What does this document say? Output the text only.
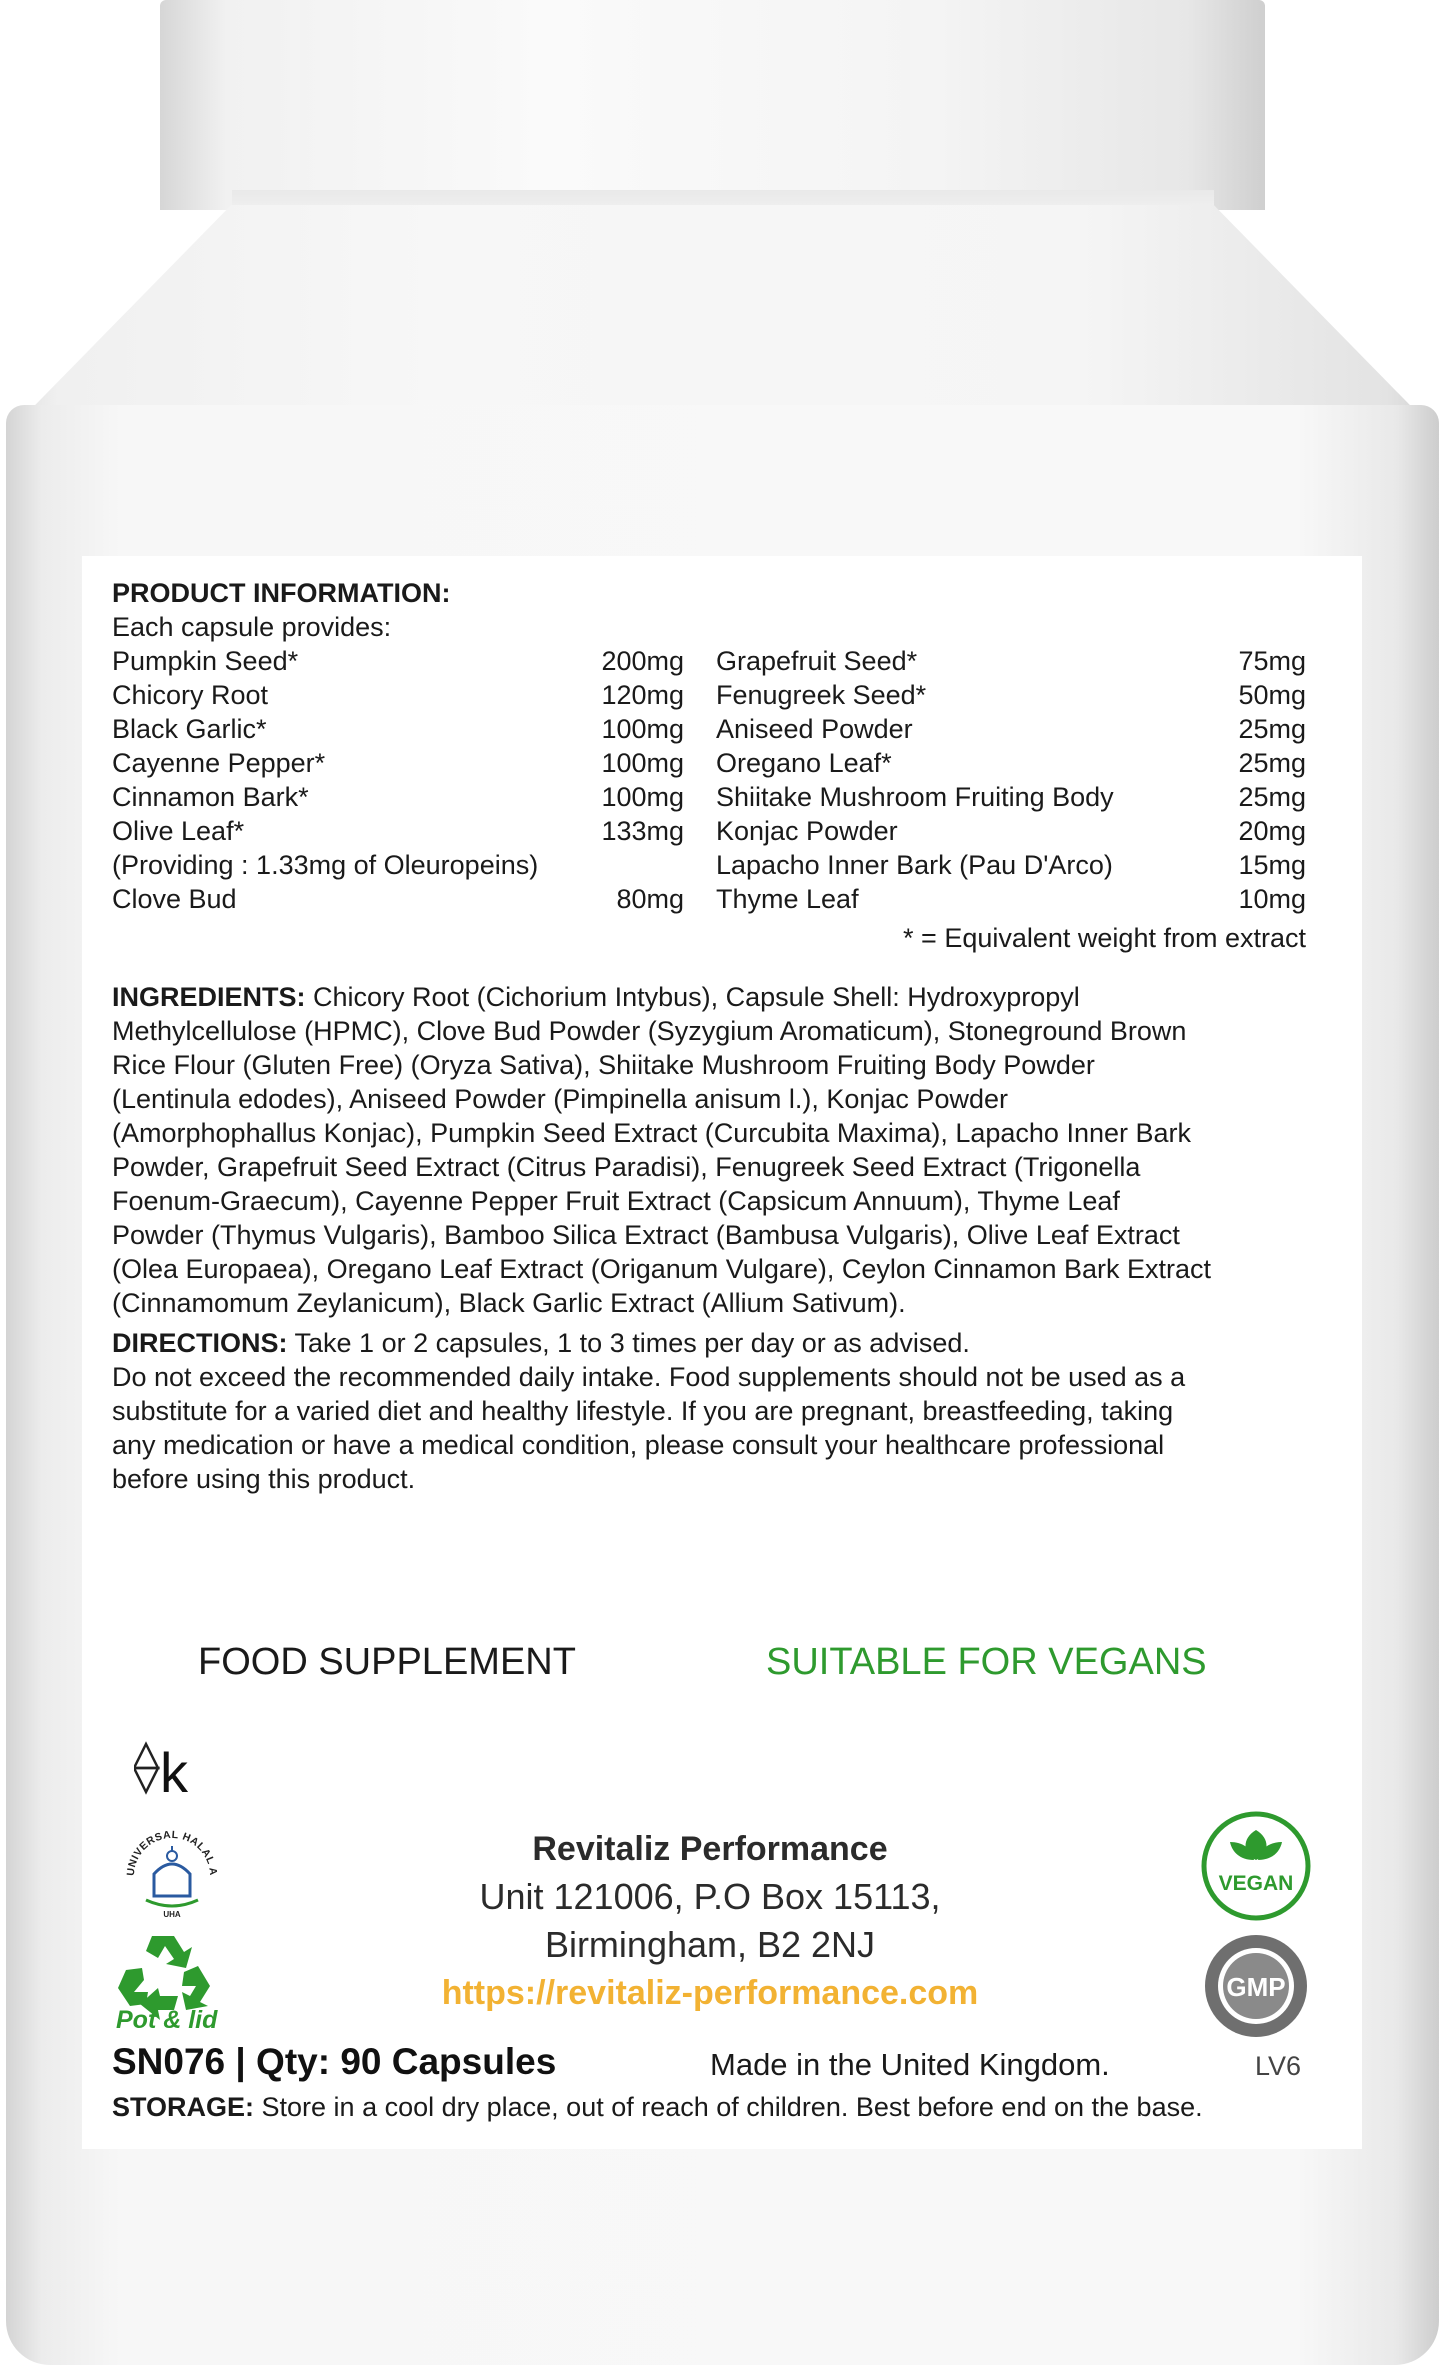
PRODUCT INFORMATION:
Each capsule provides:
Pumpkin Seed*	200mg
Chicory Root	120mg
Black Garlic*	100mg
Cayenne Pepper*	100mg
Cinnamon Bark*	100mg
Olive Leaf*	133mg
(Providing : 1.33mg of Oleuropeins)
Clove Bud	80mg
Grapefruit Seed*	75mg
Fenugreek Seed*	50mg
Aniseed Powder	25mg
Oregano Leaf*	25mg
Shiitake Mushroom Fruiting Body	25mg
Konjac Powder	20mg
Lapacho Inner Bark (Pau D'Arco)	15mg
Thyme Leaf	10mg
* = Equivalent weight from extract
INGREDIENTS: Chicory Root (Cichorium Intybus), Capsule Shell: Hydroxypropyl
Methylcellulose (HPMC), Clove Bud Powder (Syzygium Aromaticum), Stoneground Brown
Rice Flour (Gluten Free) (Oryza Sativa), Shiitake Mushroom Fruiting Body Powder
(Lentinula edodes), Aniseed Powder (Pimpinella anisum l.), Konjac Powder
(Amorphophallus Konjac), Pumpkin Seed Extract (Curcubita Maxima), Lapacho Inner Bark
Powder, Grapefruit Seed Extract (Citrus Paradisi), Fenugreek Seed Extract (Trigonella
Foenum-Graecum), Cayenne Pepper Fruit Extract (Capsicum Annuum), Thyme Leaf
Powder (Thymus Vulgaris), Bamboo Silica Extract (Bambusa Vulgaris), Olive Leaf Extract
(Olea Europaea), Oregano Leaf Extract (Origanum Vulgare), Ceylon Cinnamon Bark Extract
(Cinnamomum Zeylanicum), Black Garlic Extract (Allium Sativum).
DIRECTIONS: Take 1 or 2 capsules, 1 to 3 times per day or as advised.
Do not exceed the recommended daily intake. Food supplements should not be used as a
substitute for a varied diet and healthy lifestyle. If you are pregnant, breastfeeding, taking
any medication or have a medical condition, please consult your healthcare professional
before using this product.
FOOD SUPPLEMENT	SUITABLE FOR VEGANS
k
UNIVERSAL HALAL A
UHA
Pot & lid
Revitaliz Performance
Unit 121006, P.O Box 15113,
Birmingham, B2 2NJ
https://revitaliz-performance.com
VEGAN
GMP
SN076 | Qty: 90 Capsules	Made in the United Kingdom.	LV6
STORAGE: Store in a cool dry place, out of reach of children. Best before end on the base.
